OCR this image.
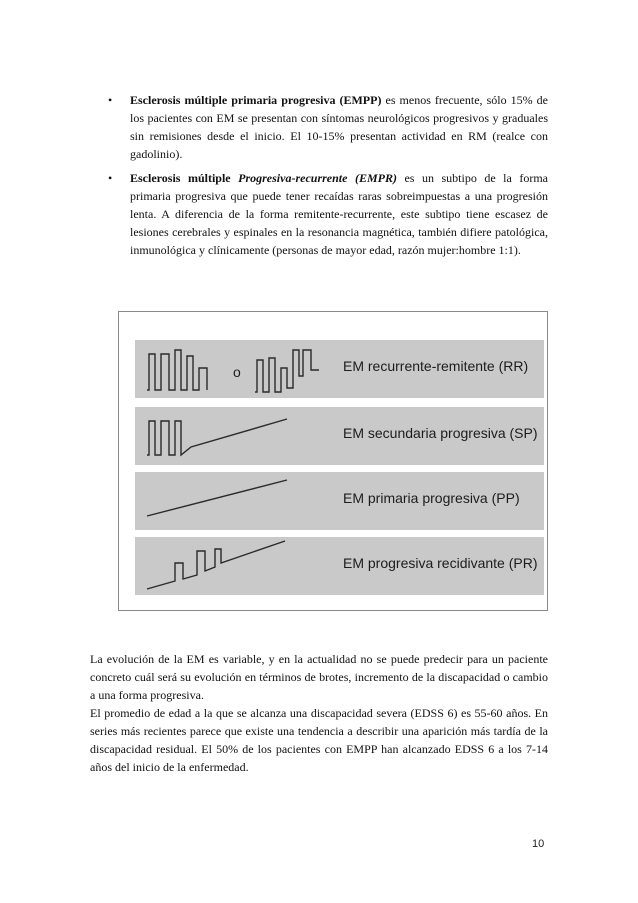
• Esclerosis múltiple primaria progresiva (EMPP) es menos frecuente, sólo 15% de los pacientes con EM se presentan con síntomas neurológicos progresivos y graduales sin remisiones desde el inicio. El 10-15% presentan actividad en RM (realce con gadolinio).
• Esclerosis múltiple Progresiva-recurrente (EMPR) es un subtipo de la forma primaria progresiva que puede tener recaídas raras sobreimpuestas a una progresión lenta. A diferencia de la forma remitente-recurrente, este subtipo tiene escasez de lesiones cerebrales y espinales en la resonancia magnética, también difiere patológica, inmunológica y clínicamente (personas de mayor edad, razón mujer:hombre 1:1).
o	EM recurrente-remitente (RR)
EM secundaria progresiva (SP)
EM primaria progresiva (PP)
EM progresiva recidivante (PR)
La evolución de la EM es variable, y en la actualidad no se puede predecir para un paciente concreto cuál será su evolución en términos de brotes, incremento de la discapacidad o cambio a una forma progresiva.
El promedio de edad a la que se alcanza una discapacidad severa (EDSS 6) es 55-60 años. En series más recientes parece que existe una tendencia a describir una aparición más tardía de la discapacidad residual. El 50% de los pacientes con EMPP han alcanzado EDSS 6 a los 7-14 años del inicio de la enfermedad.
10
